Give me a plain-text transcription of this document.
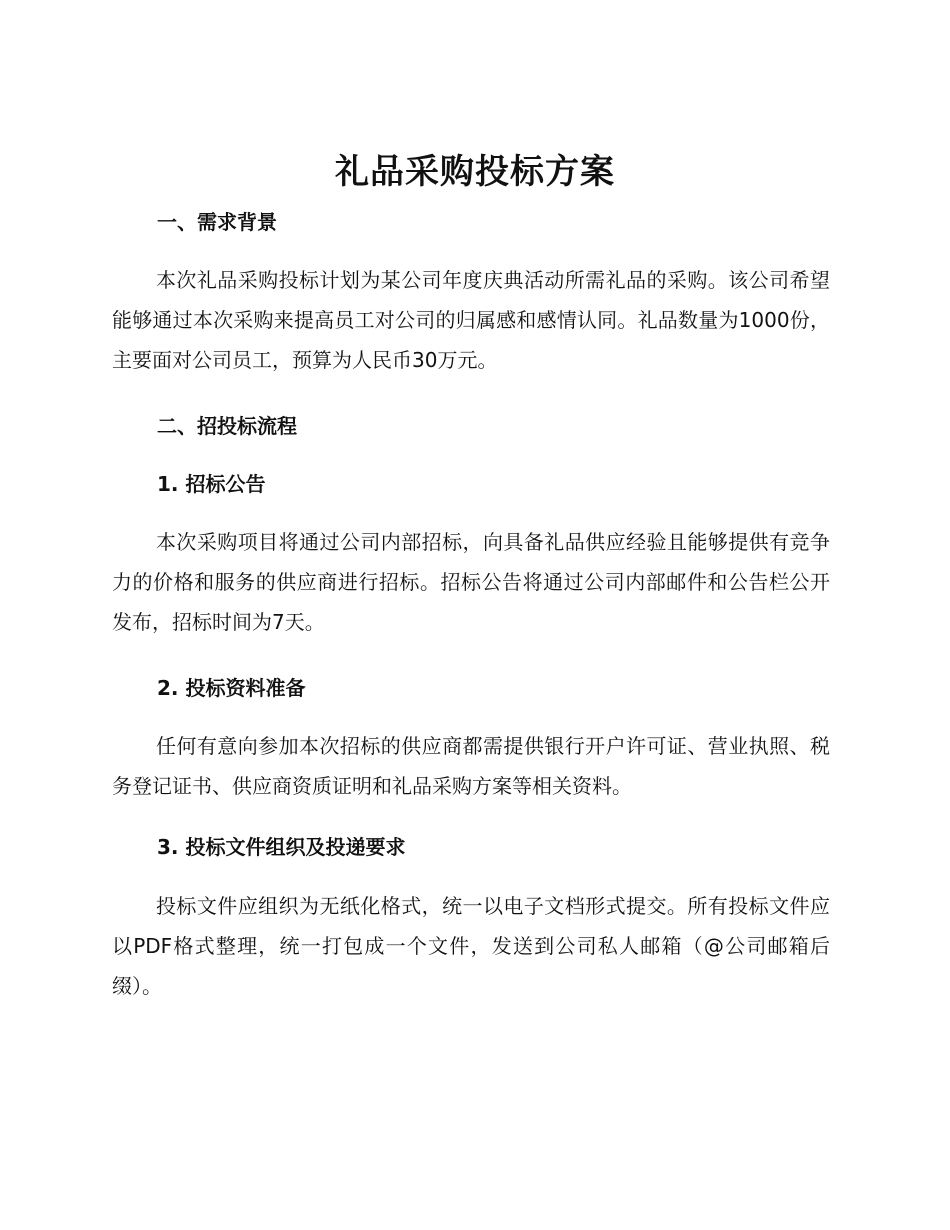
礼品采购投标方案
一、需求背景
本次礼品采购投标计划为某公司年度庆典活动所需礼品的采购。该公司希望能够通过本次采购来提高员工对公司的归属感和感情认同。礼品数量为1000份，主要面对公司员工，预算为人民币30万元。
二、招投标流程
1. 招标公告
本次采购项目将通过公司内部招标，向具备礼品供应经验且能够提供有竞争力的价格和服务的供应商进行招标。招标公告将通过公司内部邮件和公告栏公开发布，招标时间为7天。
2. 投标资料准备
任何有意向参加本次招标的供应商都需提供银行开户许可证、营业执照、税务登记证书、供应商资质证明和礼品采购方案等相关资料。
3. 投标文件组织及投递要求
投标文件应组织为无纸化格式，统一以电子文档形式提交。所有投标文件应以PDF格式整理，统一打包成一个文件，发送到公司私人邮箱（@公司邮箱后缀）。
